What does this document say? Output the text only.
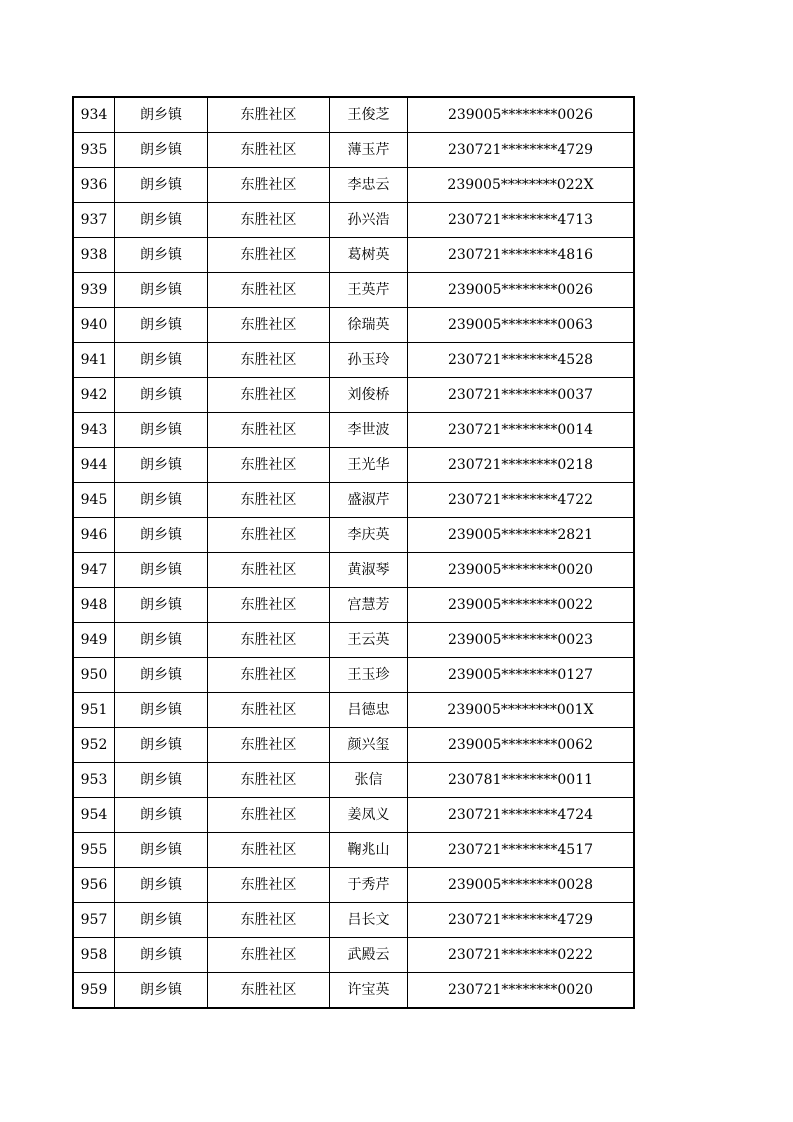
934	朗乡镇	东胜社区	王俊芝	239005********0026
935	朗乡镇	东胜社区	薄玉芹	230721********4729
936	朗乡镇	东胜社区	李忠云	239005********022X
937	朗乡镇	东胜社区	孙兴浩	230721********4713
938	朗乡镇	东胜社区	葛树英	230721********4816
939	朗乡镇	东胜社区	王英芹	239005********0026
940	朗乡镇	东胜社区	徐瑞英	239005********0063
941	朗乡镇	东胜社区	孙玉玲	230721********4528
942	朗乡镇	东胜社区	刘俊桥	230721********0037
943	朗乡镇	东胜社区	李世波	230721********0014
944	朗乡镇	东胜社区	王光华	230721********0218
945	朗乡镇	东胜社区	盛淑芹	230721********4722
946	朗乡镇	东胜社区	李庆英	239005********2821
947	朗乡镇	东胜社区	黄淑琴	239005********0020
948	朗乡镇	东胜社区	宫慧芳	239005********0022
949	朗乡镇	东胜社区	王云英	239005********0023
950	朗乡镇	东胜社区	王玉珍	239005********0127
951	朗乡镇	东胜社区	吕德忠	239005********001X
952	朗乡镇	东胜社区	颜兴玺	239005********0062
953	朗乡镇	东胜社区	张信	230781********0011
954	朗乡镇	东胜社区	姜凤义	230721********4724
955	朗乡镇	东胜社区	鞠兆山	230721********4517
956	朗乡镇	东胜社区	于秀芹	239005********0028
957	朗乡镇	东胜社区	吕长文	230721********4729
958	朗乡镇	东胜社区	武殿云	230721********0222
959	朗乡镇	东胜社区	许宝英	230721********0020
